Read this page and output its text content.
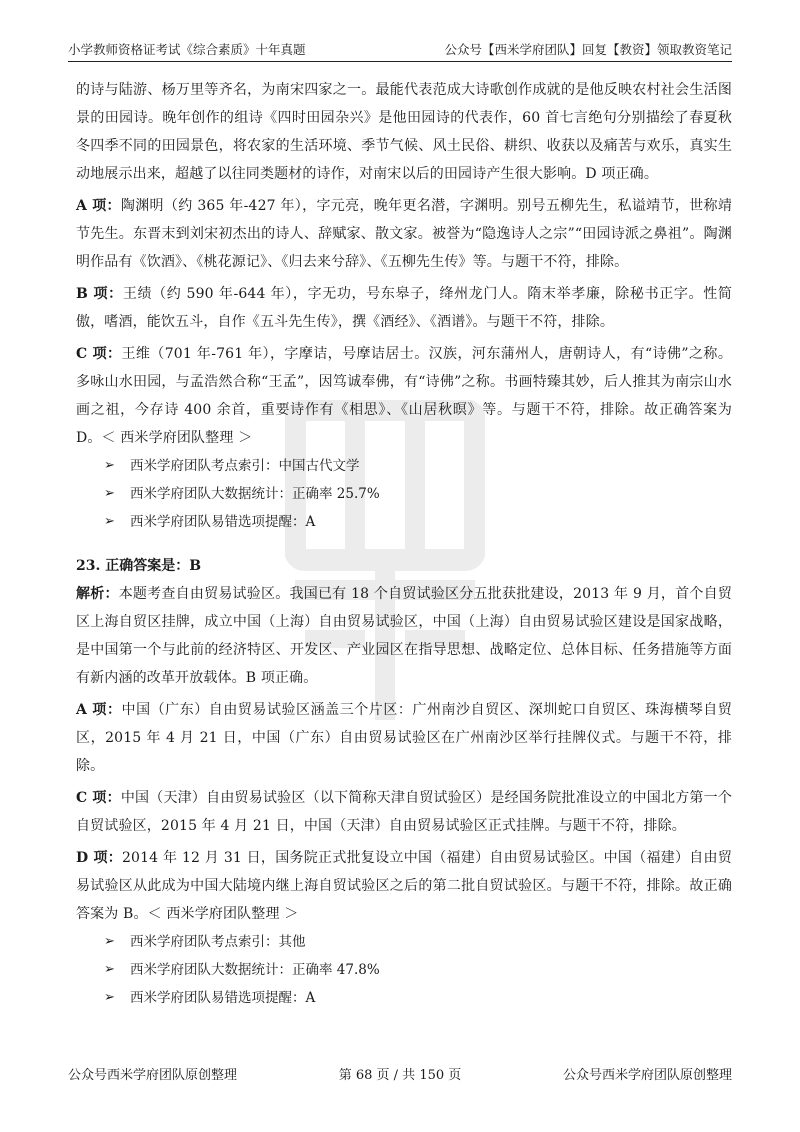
小学教师资格证考试《综合素质》十年真题	公众号【西米学府团队】回复【教资】领取教资笔记

的诗与陆游、杨万里等齐名，为南宋四家之一。最能代表范成大诗歌创作成就的是他反映农村社会生活图景的田园诗。晚年创作的组诗《四时田园杂兴》是他田园诗的代表作，60 首七言绝句分别描绘了春夏秋冬四季不同的田园景色，将农家的生活环境、季节气候、风土民俗、耕织、收获以及痛苦与欢乐，真实生动地展示出来，超越了以往同类题材的诗作，对南宋以后的田园诗产生很大影响。D 项正确。

A 项：陶渊明（约 365 年-427 年），字元亮，晚年更名潜，字渊明。别号五柳先生，私谥靖节，世称靖节先生。东晋末到刘宋初杰出的诗人、辞赋家、散文家。被誉为“隐逸诗人之宗”“田园诗派之鼻祖”。陶渊明作品有《饮酒》、《桃花源记》、《归去来兮辞》、《五柳先生传》等。与题干不符，排除。

B 项：王绩（约 590 年-644 年），字无功，号东皋子，绛州龙门人。隋末举孝廉，除秘书正字。性简傲，嗜酒，能饮五斗，自作《五斗先生传》，撰《酒经》、《酒谱》。与题干不符，排除。

C 项：王维（701 年-761 年），字摩诘，号摩诘居士。汉族，河东蒲州人，唐朝诗人，有“诗佛”之称。多咏山水田园，与孟浩然合称“王孟”，因笃诚奉佛，有“诗佛”之称。书画特臻其妙，后人推其为南宗山水画之祖，今存诗 400 余首，重要诗作有《相思》、《山居秋暝》等。与题干不符，排除。故正确答案为 D。＜ 西米学府团队整理 ＞

➢ 西米学府团队考点索引：中国古代文学
➢ 西米学府团队大数据统计：正确率 25.7%
➢ 西米学府团队易错选项提醒：A
23. 正确答案是：B

解析：本题考查自由贸易试验区。我国已有 18 个自贸试验区分五批获批建设，2013 年 9 月，首个自贸区上海自贸区挂牌，成立中国（上海）自由贸易试验区，中国（上海）自由贸易试验区建设是国家战略，是中国第一个与此前的经济特区、开发区、产业园区在指导思想、战略定位、总体目标、任务措施等方面有新内涵的改革开放载体。B 项正确。

A 项：中国（广东）自由贸易试验区涵盖三个片区：广州南沙自贸区、深圳蛇口自贸区、珠海横琴自贸区，2015 年 4 月 21 日，中国（广东）自由贸易试验区在广州南沙区举行挂牌仪式。与题干不符，排除。

C 项：中国（天津）自由贸易试验区（以下简称天津自贸试验区）是经国务院批准设立的中国北方第一个自贸试验区，2015 年 4 月 21 日，中国（天津）自由贸易试验区正式挂牌。与题干不符，排除。

D 项：2014 年 12 月 31 日，国务院正式批复设立中国（福建）自由贸易试验区。中国（福建）自由贸易试验区从此成为中国大陆境内继上海自贸试验区之后的第二批自贸试验区。与题干不符，排除。故正确答案为 B。＜ 西米学府团队整理 ＞

➢ 西米学府团队考点索引：其他
➢ 西米学府团队大数据统计：正确率 47.8%
➢ 西米学府团队易错选项提醒：A
公众号西米学府团队原创整理	第 68 页 / 共 150 页	公众号西米学府团队原创整理
